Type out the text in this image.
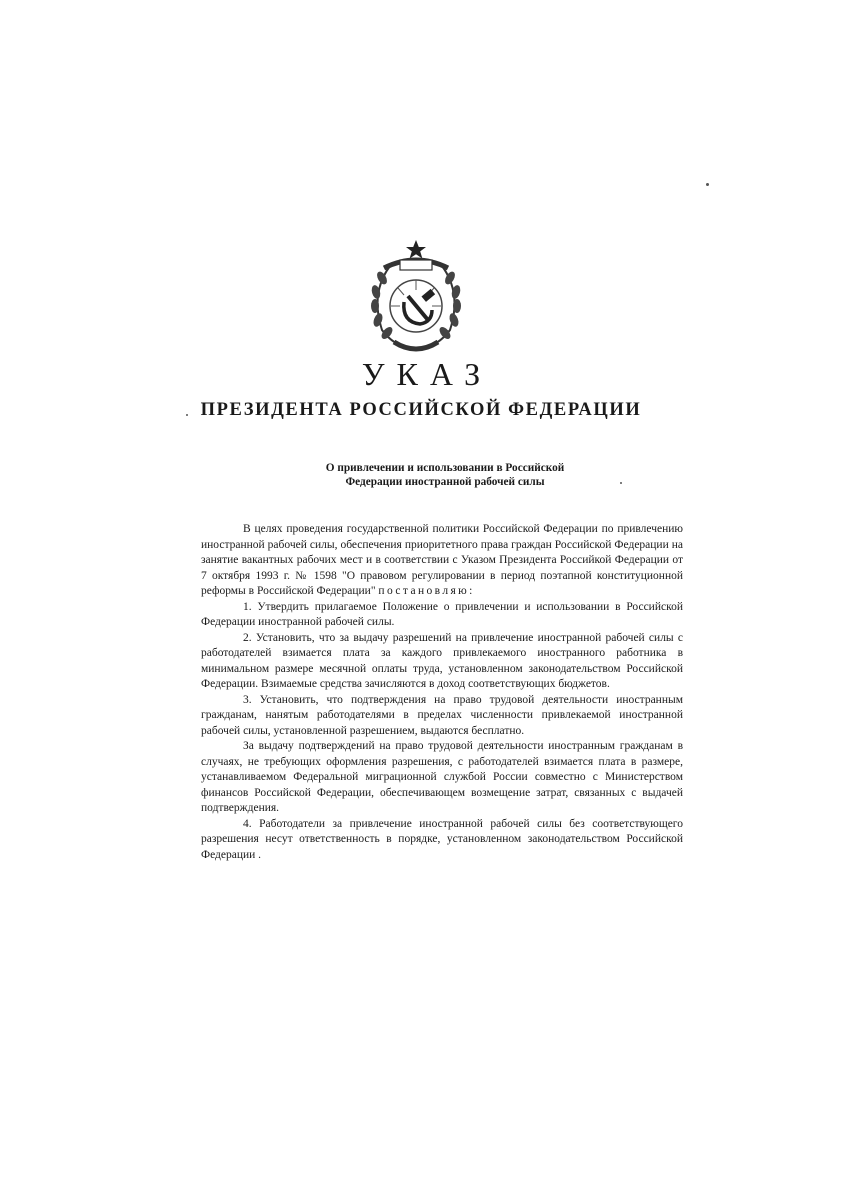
УКАЗ
ПРЕЗИДЕНТА РОССИЙСКОЙ ФЕДЕРАЦИИ
О привлечении и использовании в Российской
Федерации иностранной рабочей силы

В целях проведения государственной политики Российской Федерации по привлечению иностранной рабочей силы, обеспечения приоритетного права граждан Российской Федерации на занятие вакантных рабочих мест и в соответствии с Указом Президента Российкой Федерации от 7 октября 1993 г. № 1598 "О правовом регулировании в период поэтапной конституционной реформы в Российской Федерации" постановляю:

1. Утвердить прилагаемое Положение о привлечении и использовании в Российской Федерации иностранной рабочей силы.

2. Установить, что за выдачу разрешений на привлечение иностранной рабочей силы с работодателей взимается плата за каждого привлекаемого иностранного работника в минимальном размере месячной оплаты труда, установленном законодательством Российской Федерации. Взимаемые средства зачисляются в доход соответствующих бюджетов.

3. Установить, что подтверждения на право трудовой деятельности иностранным гражданам, нанятым работодателями в пределах численности привлекаемой иностранной рабочей силы, установленной разрешением, выдаются бесплатно.

За выдачу подтверждений на право трудовой деятельности иностранным гражданам в случаях, не требующих оформления разрешения, с работодателей взимается плата в размере, устанавливаемом Федеральной миграционной службой России совместно с Министерством финансов Российской Федерации, обеспечивающем возмещение затрат, связанных с выдачей подтверждения.

4. Работодатели за привлечение иностранной рабочей силы без соответствующего разрешения несут ответственность в порядке, установленном законодательством Российской Федерации .
